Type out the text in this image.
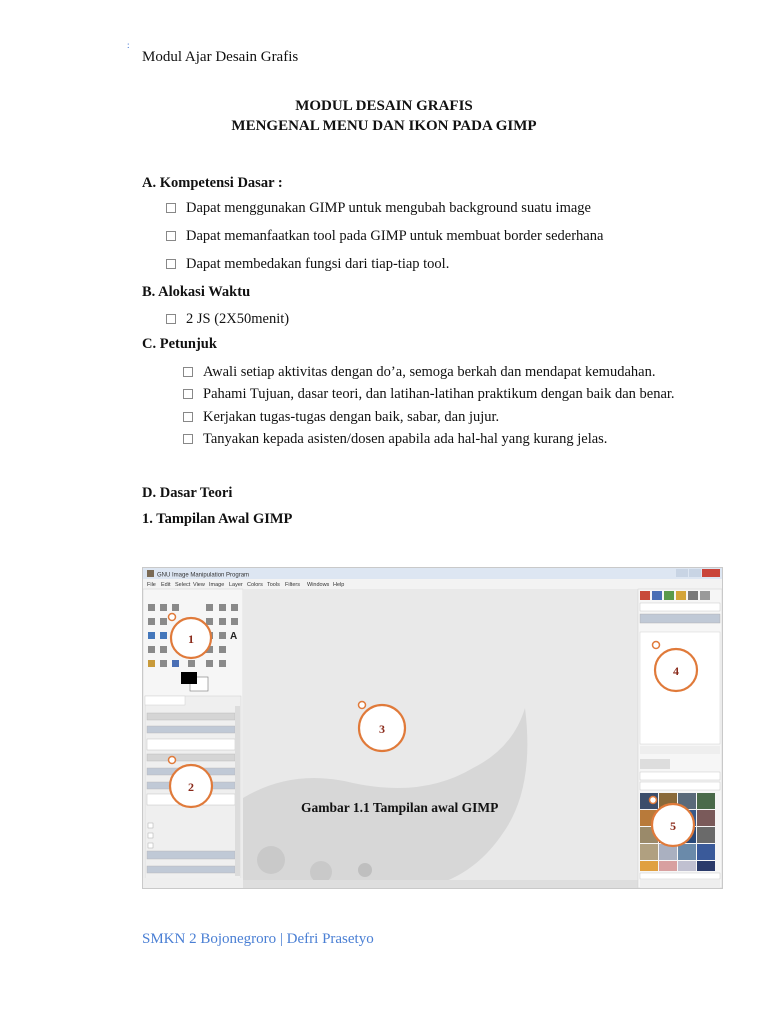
:
Modul Ajar Desain Grafis
MODUL DESAIN GRAFIS
MENGENAL MENU DAN IKON PADA GIMP
A. Kompetensi Dasar :
Dapat menggunakan GIMP untuk mengubah background suatu image
Dapat memanfaatkan tool pada GIMP untuk membuat border sederhana
Dapat membedakan fungsi dari tiap-tiap tool.
B. Alokasi Waktu
2 JS (2X50menit)
C. Petunjuk
Awali setiap aktivitas dengan do’a, semoga berkah dan mendapat kemudahan.
Pahami Tujuan, dasar teori, dan latihan-latihan praktikum dengan baik dan benar.
Kerjakan tugas-tugas dengan baik, sabar, dan jujur.
Tanyakan kepada asisten/dosen apabila ada hal-hal yang kurang jelas.
D. Dasar Teori
1. Tampilan Awal GIMP
GNU Image Manipulation Program
File Edit Select View Image Layer Colors Tools Filters Windows Help
A
Gambar 1.1 Tampilan awal GIMP
1
2
3
4
5
SMKN 2 Bojonegroro | Defri Prasetyo
